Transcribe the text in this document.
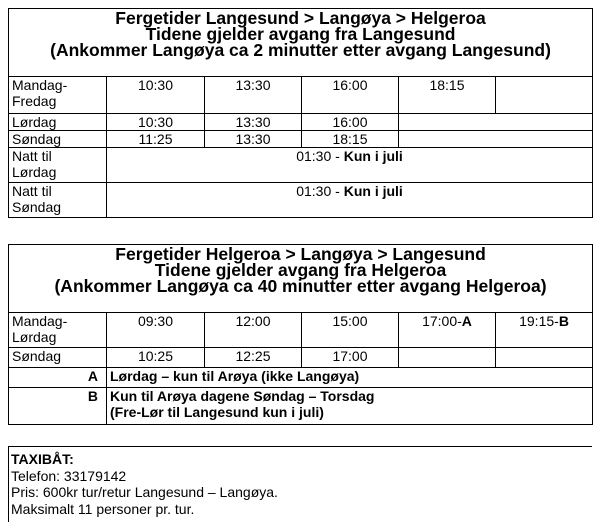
Fergetider Langesund > Langøya > Helgeroa
Tidene gjelder avgang fra Langesund
(Ankommer Langøya ca 2 minutter etter avgang Langesund)					

Mandag-
Fredag	10:30	13:30	16:00	18:15	
Lørdag	10:30	13:30	16:00		
Søndag	11:25	13:30	18:15		
Natt til
Lørdag	01:30 - Kun i juli				
Natt til
Søndag	01:30 - Kun i juli				
Fergetider Helgeroa > Langøya > Langesund
Tidene gjelder avgang fra Helgeroa
(Ankommer Langøya ca 40 minutter etter avgang Helgeroa)					

Mandag-
Lørdag	09:30	12:00	15:00	17:00-A	19:15-B
Søndag	10:25	12:25	17:00		
A	Lørdag – kun til Arøya (ikke Langøya)				
B	Kun til Arøya dagene Søndag – Torsdag
(Fre-Lør til Langesund kun i juli)				
TAXIBÅT:
Telefon: 33179142
Pris: 600kr tur/retur Langesund – Langøya.
Maksimalt 11 personer pr. tur.
